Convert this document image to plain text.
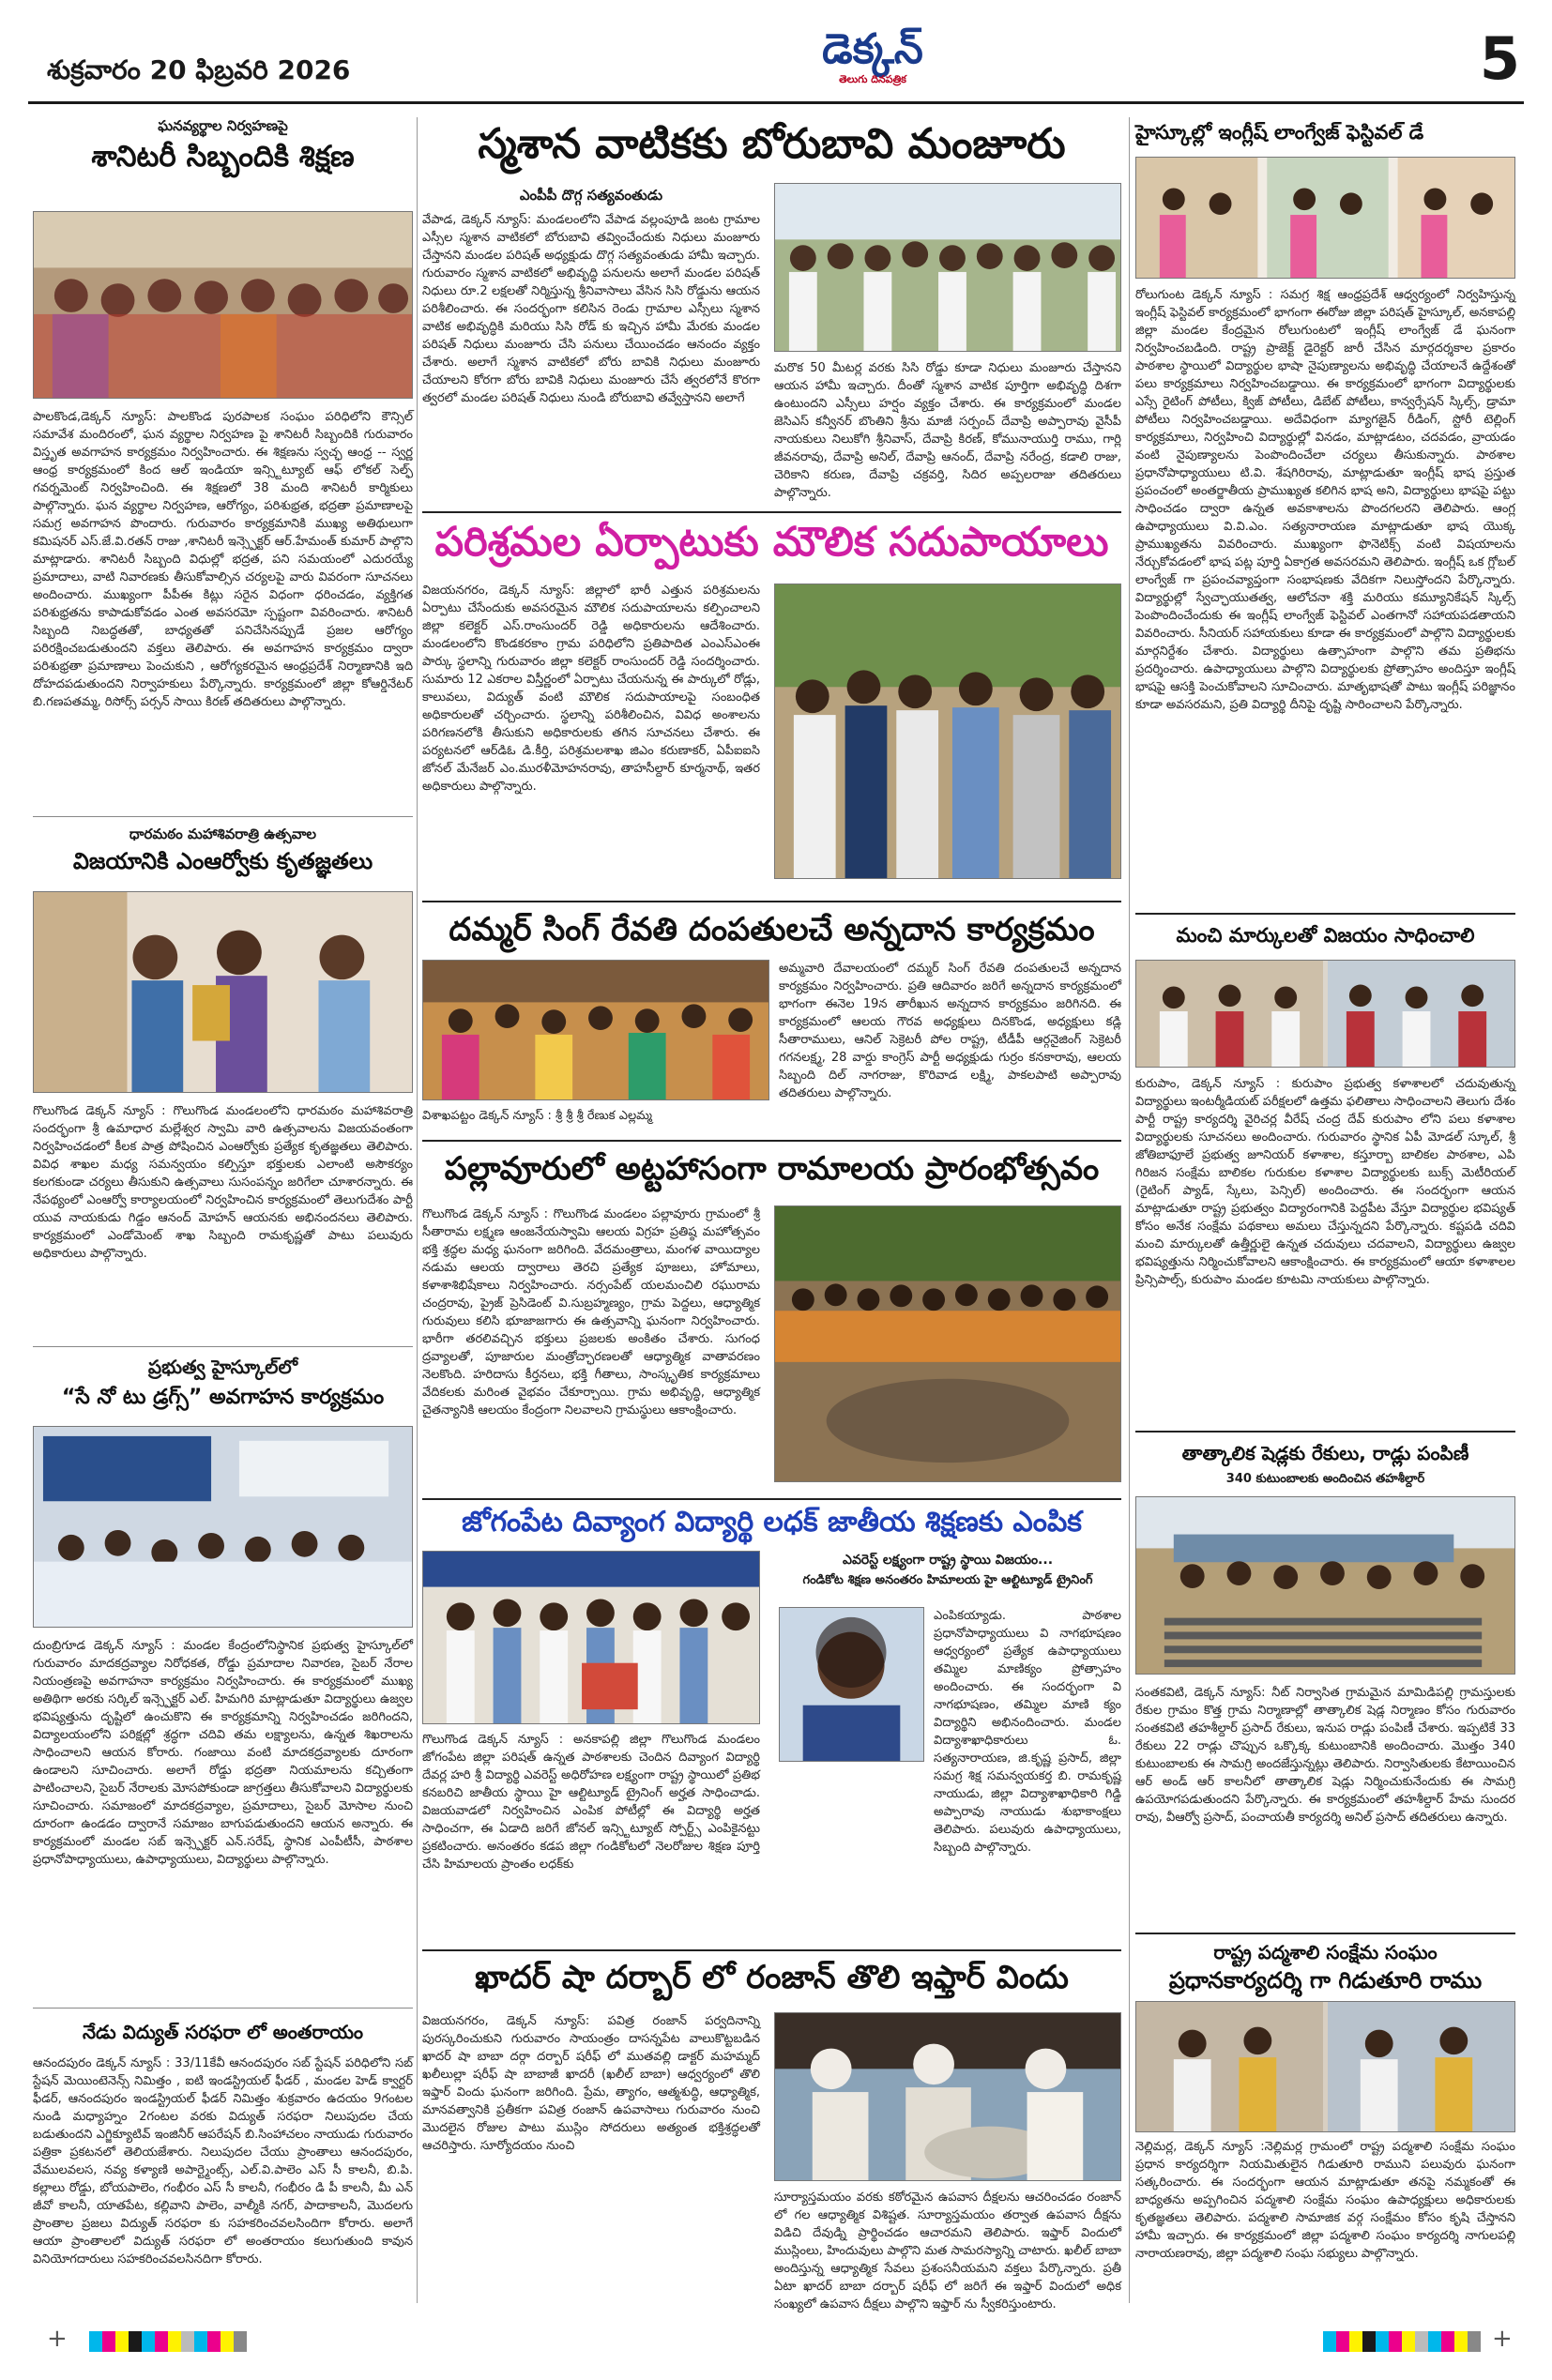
శుక్రవారం 20 ఫిబ్రవరి 2026	డెక్కన్
తెలుగు దినపత్రిక	5
ఘనవ్యర్థాల నిర్వహణపై
శానిటరీ సిబ్బందికి శిక్షణ
పాలకొండ,డెక్కన్ న్యూస్: పాలకొండ పురపాలక సంఘం పరిధిలోని కౌన్సిల్ సమావేశ మందిరంలో, ఘన వ్యర్థాల నిర్వహణ పై శానిటరీ సిబ్బందికి గురువారం విస్తృత అవగాహన కార్యక్రమం నిర్వహించారు. ఈ శిక్షణను స్వచ్ఛ ఆంధ్ర -- స్వర్ణ ఆంధ్ర కార్యక్రమంలో కింద ఆల్ ఇండియా ఇన్స్టిట్యూట్ ఆఫ్ లోకల్ సెల్ఫ్ గవర్నమెంట్ నిర్వహించింది. ఈ శిక్షణలో 38 మంది శానిటరీ కార్మికులు పాల్గొన్నారు. ఘన వ్యర్థాల నిర్వహణ, ఆరోగ్యం, పరిశుభ్రత, భద్రతా ప్రమాణాలపై సమగ్ర అవగాహన పొందారు. గురువారం కార్యక్రమానికి ముఖ్య అతిథులుగా కమిషనర్ ఎస్.జే.వి.రతన్ రాజు ,శానిటరీ ఇన్స్పెక్టర్ ఆర్.హేమంత్ కుమార్ పాల్గొని మాట్లాడారు. శానిటరీ సిబ్బంది విధుల్లో భద్రత, పని సమయంలో ఎదురయ్యే ప్రమాదాలు, వాటి నివారణకు తీసుకోవాల్సిన చర్యలపై వారు వివరంగా సూచనలు అందించారు. ముఖ్యంగా పీపీఈ కిట్లు సరైన విధంగా ధరించడం, వ్యక్తిగత పరిశుభ్రతను కాపాడుకోవడం ఎంత అవసరమో స్పష్టంగా వివరించారు. శానిటరీ సిబ్బంది నిబద్ధతతో, బాధ్యతతో పనిచేసినప్పుడే ప్రజల ఆరోగ్యం పరిరక్షించబడుతుందని వక్తలు తెలిపారు. ఈ అవగాహన కార్యక్రమం ద్వారా పరిశుభ్రతా ప్రమాణాలు పెంచుకుని , ఆరోగ్యకరమైన ఆంధ్రప్రదేశ్ నిర్మాణానికి ఇది దోహదపడుతుందని నిర్వాహకులు పేర్కొన్నారు. కార్యక్రమంలో జిల్లా కోఆర్డినేటర్ బి.గణపతమ్మ, రిసోర్స్ పర్సన్ సాయి కిరణ్ తదితరులు పాల్గొన్నారు.
ధారమఠం మహాశివరాత్రి ఉత్సవాల
విజయానికి ఎంఆర్వోకు కృతజ్ఞతలు
గొలుగొండ డెక్కన్ న్యూస్ : గొలుగొండ మండలంలోని ధారమఠం మహాశివరాత్రి సందర్భంగా శ్రీ ఉమాధార మల్లేశ్వర స్వామి వారి ఉత్సవాలను విజయవంతంగా నిర్వహించడంలో కీలక పాత్ర పోషించిన ఎంఆర్వోకు ప్రత్యేక కృతజ్ఞతలు తెలిపారు. వివిధ శాఖల మధ్య సమన్వయం కల్పిస్తూ భక్తులకు ఎలాంటి అసౌకర్యం కలగకుండా చర్యలు తీసుకుని ఉత్సవాలు సుసంపన్నం జరిగేలా చూశారన్నారు. ఈ నేపథ్యంలో ఎంఆర్వో కార్యాలయంలో నిర్వహించిన కార్యక్రమంలో తెలుగుదేశం పార్టీ యువ నాయకుడు గిడ్డం ఆనంద్ మోహన్ ఆయనకు అభినందనలు తెలిపారు. కార్యక్రమంలో ఎండోమెంట్ శాఖ సిబ్బంది రామకృష్ణతో పాటు పలువురు అధికారులు పాల్గొన్నారు.
ప్రభుత్వ హైస్కూల్‌లో
“సే నో టు డ్రగ్స్” అవగాహన కార్యక్రమం
దుంబ్రిగూడ డెక్కన్ న్యూస్ : మండల కేంద్రంలోనిస్థానిక ప్రభుత్వ హైస్కూల్‌లో గురువారం మాదకద్రవ్యాల నిరోధకత, రోడ్డు ప్రమాదాల నివారణ, సైబర్ నేరాల నియంత్రణపై అవగాహనా కార్యక్రమం నిర్వహించారు. ఈ కార్యక్రమంలో ముఖ్య అతిథిగా అరకు సర్కిల్ ఇన్స్పెక్టర్ ఎల్. హిమగిరి మాట్లాడుతూ విద్యార్థులు ఉజ్వల భవిష్యత్తును దృష్టిలో ఉంచుకొని ఈ కార్యక్రమాన్ని నిర్వహించడం జరిగిందని, విద్యాలయంలోని పరిక్షల్లో శ్రద్ధగా చదివి తమ లక్ష్యాలను, ఉన్నత శిఖరాలను సాధించాలని ఆయన కోరారు. గంజాయి వంటి మాదకద్రవ్యాలకు దూరంగా ఉండాలని సూచించారు. అలాగే రోడ్డు భద్రతా నియమాలను కచ్చితంగా పాటించాలని, సైబర్ నేరాలకు మోసపోకుండా జాగ్రత్తలు తీసుకోవాలని విద్యార్థులకు సూచించారు. సమాజంలో మాదకద్రవ్యాల, ప్రమాదాలు, సైబర్ మోసాల నుంచి దూరంగా ఉండడం ద్వారానే సమాజం బాగుపడుతుందని ఆయన అన్నారు. ఈ కార్యక్రమంలో మండల సబ్ ఇన్స్పెక్టర్ ఎన్.సరేష్, స్థానిక ఎంపీటీసీ, పాఠశాల ప్రధానోపాధ్యాయులు, ఉపాధ్యాయులు, విద్యార్థులు పాల్గొన్నారు.
నేడు విద్యుత్ సరఫరా లో అంతరాయం
ఆనందపురం డెక్కన్ న్యూస్ : 33/11కేవీ ఆనందపురం సబ్ స్టేషన్ పరిధిలోని సబ్ స్టేషన్ మెయింటెనెన్స్ నిమిత్తం , ఐటి ఇండస్ట్రియల్ ఫీడర్ , మండల హెడ్ క్వార్టర్ ఫీడర్, ఆనందపురం ఇండస్ట్రియల్ ఫీడర్ నిమిత్తం శుక్రవారం ఉదయం 9గంటల నుండి మధ్యాహ్నం 2గంటల వరకు విద్యుత్ సరఫరా నిలుపుదల చేయ బడుతుందని ఎగ్జిక్యూటివ్ ఇంజినీర్ ఆపరేషన్ బి.సింహాచలం నాయుడు గురువారం పత్రికా ప్రకటనలో తెలియజేశారు. నిలుపుదల చేయు ప్రాంతాలు ఆనందపురం, వేములవలస, నవ్య కళ్యాణి అపార్ట్మెంట్స్, ఎల్.వి.పాలెం ఎస్ సీ కాలనీ, బి.పి. కల్లాలు రోడ్డు, బోయపాలెం, గంభీరం ఎస్ సీ కాలనీ, గంభీరం డి పీ కాలనీ, మీ ఎన్ జీవో కాలనీ, యాతపేట, కల్లివాని పాలెం, వాల్మీకి నగర్, పాదాకాలనీ, మొదలగు ప్రాంతాల ప్రజలు విద్యుత్ సరఫరా కు సహకరించవలసిందిగా కోరారు. అలాగే ఆయా ప్రాంతాలలో విద్యుత్ సరఫరా లో అంతరాయం కలుగుతుంది కావున వినియోగదారులు సహకరించవలసినదిగా కోరారు.
స్మశాన వాటికకు బోరుబావి మంజూరు
ఎంపీపీ దొగ్గ సత్యవంతుడు
వేపాడ, డెక్కన్ న్యూస్: మండలంలోని వేపాడ వల్లంపూడి జంట గ్రామాల ఎస్సీల స్మశాన వాటికలో బోరుబావి తవ్వించేందుకు నిధులు మంజూరు చేస్తానని మండల పరిషత్ అధ్యక్షుడు దొగ్గ సత్యవంతుడు హామీ ఇచ్చారు. గురువారం స్మశాన వాటికలో అభివృద్ధి పనులను అలాగే మండల పరిషత్ నిధులు రూ.2 లక్షలతో నిర్మిస్తున్న శ్రీనివాసాలు వేసిన సిసి రోడ్డును ఆయన పరిశీలించారు. ఈ సందర్భంగా కలిసిన రెండు గ్రామాల ఎస్సీలు స్మశాన వాటిక అభివృద్ధికి మరియు సిసి రోడ్ కు ఇచ్చిన హామీ మేరకు మండల పరిషత్ నిధులు మంజూరు చేసి పనులు చేయించడం ఆనందం వ్యక్తం చేశారు. అలాగే స్మశాన వాటికలో బోరు బావికి నిధులు మంజూరు చేయాలని కోరగా బోరు బావికి నిధులు మంజూరు చేసే త్వరలోనే కొరగా త్వరలో మండల పరిషత్ నిధులు నుండి బోరుబావి తవ్వేస్తానని అలాగే
మరొక 50 మీటర్ల వరకు సిసి రోడ్డు కూడా నిధులు మంజూరు చేస్తానని ఆయన హామీ ఇచ్చారు. దీంతో స్మశాన వాటిక పూర్తిగా అభివృద్ధి దిశగా ఉంటుందని ఎస్సీలు హర్షం వ్యక్తం చేశారు. ఈ కార్యక్రమంలో మండల జెసిఎస్ కన్వీనర్ బొంతిని శ్రీను మాజీ సర్పంచ్ దేవాప్రి అప్పారావు వైసీపీ నాయకులు నిలుకోగి శ్రీనివాస్, దేవాప్రి కిరణ్, కోమునాయుర్తి రాము, గార్లి జీవనరావు, దేవాప్రి అనిల్, దేవాప్రి ఆనంద్, దేవాప్రి నరేంద్ర, కడాలి రాజు, చెరికాని కరుణ, దేవాప్రి చక్రవర్తి, సిదిర అప్పలరాజు తదితరులు పాల్గొన్నారు.
పరిశ్రమల ఏర్పాటుకు మౌలిక సదుపాయాలు
విజయనగరం, డెక్కన్ న్యూస్: జిల్లాలో భారీ ఎత్తున పరిశ్రమలను ఏర్పాటు చేసేందుకు అవసరమైన మౌలిక సదుపాయాలను కల్పించాలని జిల్లా కలెక్టర్ ఎస్.రాంసుందర్ రెడ్డి అధికారులను ఆదేశించారు. మండలంలోని కొండకరకాం గ్రామ పరిధిలోని ప్రతిపాదిత ఎంఎస్ఎంఈ పార్కు స్థలాన్ని గురువారం జిల్లా కలెక్టర్ రాంసుందర్ రెడ్డి సందర్శించారు. సుమారు 12 ఎకరాల విస్తీర్ణంలో ఏర్పాటు చేయనున్న ఈ పార్కులో రోడ్లు, కాలువలు, విద్యుత్ వంటి మౌలిక సదుపాయాలపై సంబంధిత అధికారులతో చర్చించారు. స్థలాన్ని పరిశీలించిన, వివిధ అంశాలను పరిగణనలోకి తీసుకుని అధికారులకు తగిన సూచనలు చేశారు. ఈ పర్యటనలో ఆర్‌డిఓ డి.కీర్తి, పరిశ్రమలశాఖ జిఎం కరుణాకర్, ఏపీఐఐసి జోనల్ మేనేజర్ ఎం.మురళీమోహనరావు, తాహసీల్దార్ కూర్మనాథ్, ఇతర అధికారులు పాల్గొన్నారు.
దమ్మర్ సింగ్ రేవతి దంపతులచే అన్నదాన కార్యక్రమం
విశాఖపట్టం డెక్కన్ న్యూస్ : శ్రీ శ్రీ శ్రీ రేణుక ఎల్లమ్మ
అమ్మవారి దేవాలయంలో దమ్మర్ సింగ్ రేవతి దంపతులచే అన్నదాన కార్యక్రమం నిర్వహించారు. ప్రతి ఆదివారం జరిగే అన్నదాన కార్యక్రమంలో భాగంగా ఈనెల 19న తారీఖున అన్నదాన కార్యక్రమం జరిగినది. ఈ కార్యక్రమంలో ఆలయ గౌరవ అధ్యక్షులు దినకొండ, అధ్యక్షులు కడ్లి సీతారాములు, ఆనిల్ సెక్రెటరీ పోల రాష్ట్ర, టీడీపీ ఆర్గనైజింగ్ సెక్రెటరీ గగనలక్ష్మ, 28 వార్డు కాంగ్రెస్ పార్టీ అధ్యక్షుడు గుర్రం కనకారావు, ఆలయ సిబ్బంది దిల్ నాగరాజు, కొరివాడ లక్ష్మి, పాకలపాటి అప్పారావు తదితరులు పాల్గొన్నారు.
పల్లావూరులో అట్టహాసంగా రామాలయ ప్రారంభోత్సవం
గొలుగొండ డెక్కన్ న్యూస్ : గొలుగొండ మండలం పల్లావూరు గ్రామంలో శ్రీ సీతారామ లక్ష్మణ ఆంజనేయస్వామి ఆలయ విగ్రహ ప్రతిష్ఠ మహోత్సవం భక్తి శ్రద్ధల మధ్య ఘనంగా జరిగింది. వేదమంత్రాలు, మంగళ వాయిద్యాల నడుమ ఆలయ ద్వారాలు తెరచి ప్రత్యేక పూజలు, హోమాలు, కళాశాశిభిషేకాలు నిర్వహించారు. నర్సంపేట్ యలమంచిలి రఘురామ చంద్రరావు, ప్రైజ్ ప్రెసిడెంట్ వి.సుబ్రహ్మణ్యం, గ్రామ పెద్దలు, ఆధ్యాత్మిక గురువులు కలిసి భూజాజగారు ఈ ఉత్సవాన్ని ఘనంగా నిర్వహించారు. భారీగా తరలివచ్చిన భక్తులు ప్రజలకు అంకితం చేశారు. సుగంధ ద్రవ్యాలతో, పూజారుల మంత్రోచ్ఛారణలతో ఆధ్యాత్మిక వాతావరణం నెలకొంది. హరిదాసు కీర్తనలు, భక్తి గీతాలు, సాంస్కృతిక కార్యక్రమాలు వేదికలకు మరింత వైభవం చేకూర్చాయి. గ్రామ అభివృద్ధి, ఆధ్యాత్మిక చైతన్యానికి ఆలయం కేంద్రంగా నిలవాలని గ్రామస్థులు ఆకాంక్షించారు.
జోగంపేట దివ్యాంగ విద్యార్థి లధక్ జాతీయ శిక్షణకు ఎంపిక
గొలుగొండ డెక్కన్ న్యూస్ : అనకాపల్లి జిల్లా గొలుగొండ మండలం జోగంపేట జిల్లా పరిషత్ ఉన్నత పాఠశాలకు చెందిన దివ్యాంగ విద్యార్థి దేవర్ల హరి శ్రీ విద్యార్థి ఎవరెస్ట్ అధిరోహణ లక్ష్యంగా రాష్ట్ర స్థాయిలో ప్రతిభ కనబరిచి జాతీయ స్థాయి హై ఆల్టిట్యూడ్ ట్రైనింగ్ అర్హత సాధించాడు. విజయవాడలో నిర్వహించిన ఎంపిక పోటీల్లో ఈ విద్యార్థి అర్హత సాధించగా, ఈ ఏడాది జరిగే జోనల్ ఇన్స్టిట్యూట్ స్పోర్ట్స్ ఎంపికైనట్టు ప్రకటించారు. అనంతరం కడప జిల్లా గండికోటలో నెలరోజుల శిక్షణ పూర్తి చేసి హిమాలయ ప్రాంతం లధక్‌కు
ఎవరెస్ట్ లక్ష్యంగా రాష్ట్ర స్థాయి విజయం...
గండికోట శిక్షణ అనంతరం హిమాలయ హై ఆల్టిట్యూడ్ ట్రైనింగ్
ఎంపికయ్యాడు. పాఠశాల ప్రధానోపాధ్యాయులు వి నాగభూషణం ఆధ్వర్యంలో ప్రత్యేక ఉపాధ్యాయులు తమ్మిల మాణిక్యం ప్రోత్సాహం అందించారు. ఈ సందర్భంగా వి నాగభూషణం, తమ్మిల మాణి క్యం విద్యార్థిని అభినందించారు. మండల విద్యాశాఖాధికారులు ఓ. సత్యనారాయణ, జి.కృష్ణ ప్రసాద్, జిల్లా సమగ్ర శిక్ష సమన్వయకర్త బి. రామకృష్ణ నాయుడు, జిల్లా విద్యాశాఖాధికారి గిడ్డి అప్పారావు నాయుడు శుభాకాంక్షలు తెలిపారు. పలువురు ఉపాధ్యాయులు, సిబ్బంది పాల్గొన్నారు.
ఖాదర్ షా దర్బార్ లో రంజాన్ తొలి ఇఫ్తార్ విందు
విజయనగరం, డెక్కన్ న్యూస్: పవిత్ర రంజాన్ పర్వదినాన్ని పురస్కరించుకుని గురువారం సాయంత్రం దాసన్నపేట వాలుకొట్టబడిన ఖాదర్ షా బాబా దర్గా దర్బార్ షరీఫ్ లో ముతవల్లి డాక్టర్ మహమ్మద్ ఖలీలుల్లా షరీఫ్ షా బాబాజీ ఖాదరీ (ఖలీల్ బాబా) ఆధ్వర్యంలో తొలి ఇఫ్తార్ విందు ఘనంగా జరిగింది. ప్రేమ, త్యాగం, ఆత్మశుద్ధి, ఆధ్యాత్మిక, మానవత్వానికి ప్రతీకగా పవిత్ర రంజాన్ ఉపవాసాలు గురువారం నుంచి మొదలైన రోజుల పాటు ముస్లిం సోదరులు అత్యంత భక్తిశ్రద్ధలతో ఆచరిస్తారు. సూర్యోదయం నుంచి
సూర్యాస్తమయం వరకు కఠోరమైన ఉపవాస దీక్షలను ఆచరించడం రంజాన్ లో గల ఆధ్యాత్మిక విశిష్టత. సూర్యాస్తమయం తర్వాత ఉపవాస దీక్షను విడిచి దేవుడ్ని ప్రార్థించడం ఆచారమని తెలిపారు. ఇఫ్తార్ విందులో ముస్లింలు, హిందువులు పాల్గొని మత సామరస్యాన్ని చాటారు. ఖలీల్ బాబా అందిస్తున్న ఆధ్యాత్మిక సేవలు ప్రశంసనీయమని వక్తలు పేర్కొన్నారు. ప్రతీ ఏటా ఖాదర్ బాబా దర్బార్ షరీఫ్ లో జరిగే ఈ ఇఫ్తార్ విందులో అధిక సంఖ్యలో ఉపవాస దీక్షలు పాల్గొని ఇఫ్తార్ ను స్వీకరిస్తుంటారు.
హైస్కూల్లో ఇంగ్లీష్ లాంగ్వేజ్ ఫెస్టివల్ డే
రోలుగుంట డెక్కన్ న్యూస్ : సమగ్ర శిక్ష ఆంధ్రప్రదేశ్ ఆధ్వర్యంలో నిర్వహిస్తున్న ఇంగ్లీష్ ఫెస్టివల్ కార్యక్రమంలో భాగంగా ఈరోజు జిల్లా పరిషత్ హైస్కూల్, అనకాపల్లి జిల్లా మండల కేంద్రమైన రోలుగుంటలో ఇంగ్లీష్ లాంగ్వేజ్ డే ఘనంగా నిర్వహించబడింది. రాష్ట్ర ప్రాజెక్ట్ డైరెక్టర్ జారీ చేసిన మార్గదర్శకాల ప్రకారం పాఠశాల స్థాయిలో విద్యార్థుల భాషా నైపుణ్యాలను అభివృద్ధి చేయాలనే ఉద్దేశంతో పలు కార్యక్రమాలు నిర్వహించబడ్డాయి. ఈ కార్యక్రమంలో భాగంగా విద్యార్థులకు ఎస్సే రైటింగ్ పోటీలు, క్విజ్ పోటీలు, డిబేట్ పోటీలు, కాన్వర్సేషన్ స్కిల్స్, డ్రామా పోటీలు నిర్వహించబడ్డాయి. అదేవిధంగా మ్యాగజైన్ రీడింగ్, స్టోరీ టెల్లింగ్ కార్యక్రమాలు, నిర్వహించి విద్యార్థుల్లో వినడం, మాట్లాడటం, చదవడం, వ్రాయడం వంటి నైపుణ్యాలను పెంపొందించేలా చర్యలు తీసుకున్నారు. పాఠశాల ప్రధానోపాధ్యాయులు టి.వి. శేషగిరిరావు, మాట్లాడుతూ ఇంగ్లీష్ భాష ప్రస్తుత ప్రపంచంలో అంతర్జాతీయ ప్రాముఖ్యత కలిగిన భాష అని, విద్యార్థులు భాషపై పట్టు సాధించడం ద్వారా ఉన్నత అవకాశాలను పొందగలరని తెలిపారు. ఆంగ్ల ఉపాధ్యాయులు వి.వి.ఎం. సత్యనారాయణ మాట్లాడుతూ భాష యొక్క ప్రాముఖ్యతను వివరించారు. ముఖ్యంగా ఫొనెటిక్స్ వంటి విషయాలను నేర్చుకోవడంలో భాష పట్ల పూర్తి ఏకాగ్రత అవసరమని తెలిపారు. ఇంగ్లీష్ ఒక గ్లోబల్ లాంగ్వేజ్ గా ప్రపంచవ్యాప్తంగా సంభాషణకు వేదికగా నిలుస్తోందని పేర్కొన్నారు. విద్యార్థుల్లో స్వేచ్ఛాయుతత్వ, ఆలోచనా శక్తి మరియు కమ్యూనికేషన్ స్కిల్స్ పెంపొందించేందుకు ఈ ఇంగ్లీష్ లాంగ్వేజ్ ఫెస్టివల్ ఎంతగానో సహాయపడతాయని వివరించారు. సీనియర్ సహాయకులు కూడా ఈ కార్యక్రమంలో పాల్గొని విద్యార్థులకు మార్గనిర్దేశం చేశారు. విద్యార్థులు ఉత్సాహంగా పాల్గొని తమ ప్రతిభను ప్రదర్శించారు. ఉపాధ్యాయులు పాల్గొని విద్యార్థులకు ప్రోత్సాహం అందిస్తూ ఇంగ్లీష్ భాషపై ఆసక్తి పెంచుకోవాలని సూచించారు. మాతృభాషతో పాటు ఇంగ్లీష్ పరిజ్ఞానం కూడా అవసరమని, ప్రతి విద్యార్థి దీనిపై దృష్టి సారించాలని పేర్కొన్నారు.
మంచి మార్కులతో విజయం సాధించాలి
కురుపాం, డెక్కన్ న్యూస్ : కురుపాం ప్రభుత్వ కళాశాలలో చదువుతున్న విద్యార్థులు ఇంటర్మీడియట్ పరీక్షలలో ఉత్తమ ఫలితాలు సాధించాలని తెలుగు దేశం పార్టీ రాష్ట్ర కార్యదర్శి వైరిచర్ల వీరేష్ చంద్ర దేవ్ కురుపాం లోని పలు కళాశాల విద్యార్థులకు సూచనలు అందించారు. గురువారం స్థానిక ఏపీ మోడల్ స్కూల్, శ్రీ జోతిబాఫూలే ప్రభుత్వ జూనియర్ కళాశాల, కస్తూర్బా బాలికల పాఠశాల, ఎపి గిరిజన సంక్షేమ బాలికల గురుకుల కళాశాల విద్యార్థులకు బుక్స్ మెటీరియల్ (రైటింగ్ ప్యాడ్, స్కేలు, పెన్సిల్) అందించారు. ఈ సందర్భంగా ఆయన మాట్లాడుతూ రాష్ట్ర ప్రభుత్వం విద్యారంగానికి పెద్దపీట వేస్తూ విద్యార్థుల భవిష్యత్ కోసం అనేక సంక్షేమ పథకాలు అమలు చేస్తున్నదని పేర్కొన్నారు. కష్టపడి చదివి మంచి మార్కులతో ఉత్తీర్ణులై ఉన్నత చదువులు చదవాలని, విద్యార్థులు ఉజ్వల భవిష్యత్తును నిర్మించుకోవాలని ఆకాంక్షించారు. ఈ కార్యక్రమంలో ఆయా కళాశాలల ప్రిన్సిపాల్స్, కురుపాం మండల కూటమి నాయకులు పాల్గొన్నారు.
తాత్కాలిక షెడ్లకు రేకులు, రాడ్లు పంపిణీ
340 కుటుంబాలకు అందించిన తహశీల్దార్
సంతకవిటి, డెక్కన్ న్యూస్: నీట్ నిర్వాసిత గ్రామమైన మామిడిపల్లి గ్రామస్తులకు రేకుల గ్రామం కొత్త గ్రామ నిర్మాణాల్లో తాత్కాలిక షెడ్ల నిర్మాణం కోసం గురువారం సంతకవిటి తహశీల్దార్ ప్రసాద్ రేకులు, ఇనుప రాడ్లు పంపిణీ చేశారు. ఇప్పటికే 33 రేకులు 22 రాడ్లు చొప్పున ఒక్కొక్క కుటుంబానికి అందించారు. మొత్తం 340 కుటుంబాలకు ఈ సామగ్రి అందజేస్తున్నట్లు తెలిపారు. నిర్వాసితులకు కేటాయించిన ఆర్ అండ్ ఆర్ కాలనీలో తాత్కాలిక షెడ్లు నిర్మించుకునేందుకు ఈ సామగ్రి ఉపయోగపడుతుందని పేర్కొన్నారు. ఈ కార్యక్రమంలో తహశీల్దార్ హేమ సుందర రావు, వీఆర్వో ప్రసాద్, పంచాయతీ కార్యదర్శి అనిల్ ప్రసాద్ తదితరులు ఉన్నారు.
రాష్ట్ర పద్మశాలి సంక్షేమ సంఘం
ప్రధానకార్యదర్శి గా గిడుతూరి రాము
నెల్లిమర్ల, డెక్కన్ న్యూస్ :నెల్లిమర్ల గ్రామంలో రాష్ట్ర పద్మశాలి సంక్షేమ సంఘం ప్రధాన కార్యదర్శిగా నియమితులైన గిడుతూరి రాముని పలువురు ఘనంగా సత్కరించారు. ఈ సందర్భంగా ఆయన మాట్లాడుతూ తనపై నమ్మకంతో ఈ బాధ్యతను అప్పగించిన పద్మశాలి సంక్షేమ సంఘం ఉపాధ్యక్షులు అధికారులకు కృతజ్ఞతలు తెలిపారు. పద్మశాలి సామాజిక వర్గ సంక్షేమం కోసం కృషి చేస్తానని హామీ ఇచ్చారు. ఈ కార్యక్రమంలో జిల్లా పద్మశాలి సంఘం కార్యదర్శి నాగులపల్లి నారాయణరావు, జిల్లా పద్మశాలి సంఘ సభ్యులు పాల్గొన్నారు.
+	+
